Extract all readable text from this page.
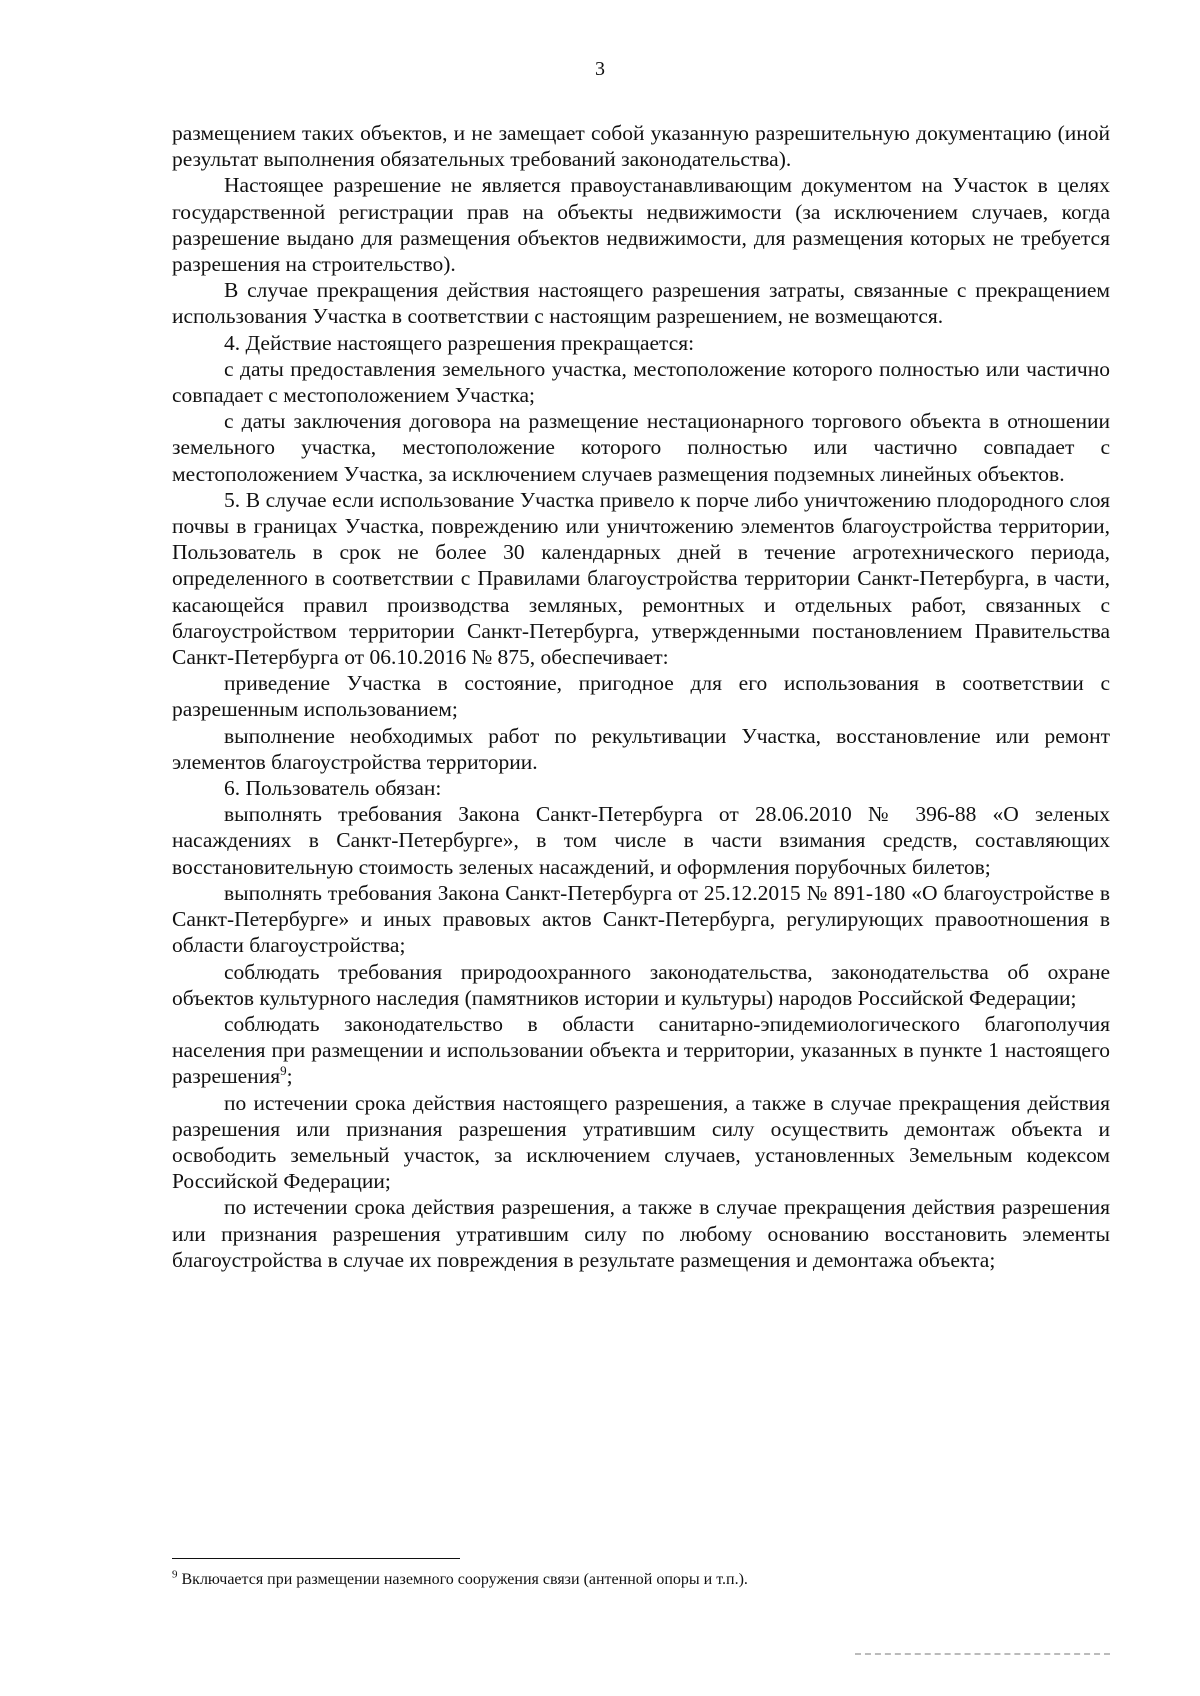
3

размещением таких объектов, и не замещает собой указанную разрешительную документацию (иной результат выполнения обязательных требований законодательства).

Настоящее разрешение не является правоустанавливающим документом на Участок в целях государственной регистрации прав на объекты недвижимости (за исключением случаев, когда разрешение выдано для размещения объектов недвижимости, для размещения которых не требуется разрешения на строительство).

В случае прекращения действия настоящего разрешения затраты, связанные с прекращением использования Участка в соответствии с настоящим разрешением, не возмещаются.

4. Действие настоящего разрешения прекращается:

с даты предоставления земельного участка, местоположение которого полностью или частично совпадает с местоположением Участка;

с даты заключения договора на размещение нестационарного торгового объекта в отношении земельного участка, местоположение которого полностью или частично совпадает с местоположением Участка, за исключением случаев размещения подземных линейных объектов.

5. В случае если использование Участка привело к порче либо уничтожению плодородного слоя почвы в границах Участка, повреждению или уничтожению элементов благоустройства территории, Пользователь в срок не более 30 календарных дней в течение агротехнического периода, определенного в соответствии с Правилами благоустройства территории Санкт-Петербурга, в части, касающейся правил производства земляных, ремонтных и отдельных работ, связанных с благоустройством территории Санкт-Петербурга, утвержденными постановлением Правительства Санкт-Петербурга от 06.10.2016 № 875, обеспечивает:

приведение Участка в состояние, пригодное для его использования в соответствии с разрешенным использованием;

выполнение необходимых работ по рекультивации Участка, восстановление или ремонт элементов благоустройства территории.

6. Пользователь обязан:

выполнять требования Закона Санкт-Петербурга от 28.06.2010 № 396-88 «О зеленых насаждениях в Санкт-Петербурге», в том числе в части взимания средств, составляющих восстановительную стоимость зеленых насаждений, и оформления порубочных билетов;

выполнять требования Закона Санкт-Петербурга от 25.12.2015 № 891-180 «О благоустройстве в Санкт-Петербурге» и иных правовых актов Санкт-Петербурга, регулирующих правоотношения в области благоустройства;

соблюдать требования природоохранного законодательства, законодательства об охране объектов культурного наследия (памятников истории и культуры) народов Российской Федерации;

соблюдать законодательство в области санитарно-эпидемиологического благополучия населения при размещении и использовании объекта и территории, указанных в пункте 1 настоящего разрешения$^9$;

по истечении срока действия настоящего разрешения, а также в случае прекращения действия разрешения или признания разрешения утратившим силу осуществить демонтаж объекта и освободить земельный участок, за исключением случаев, установленных Земельным кодексом Российской Федерации;

по истечении срока действия разрешения, а также в случае прекращения действия разрешения или признания разрешения утратившим силу по любому основанию восстановить элементы благоустройства в случае их повреждения в результате размещения и демонтажа объекта;

$^9$ Включается при размещении наземного сооружения связи (антенной опоры и т.п.).
